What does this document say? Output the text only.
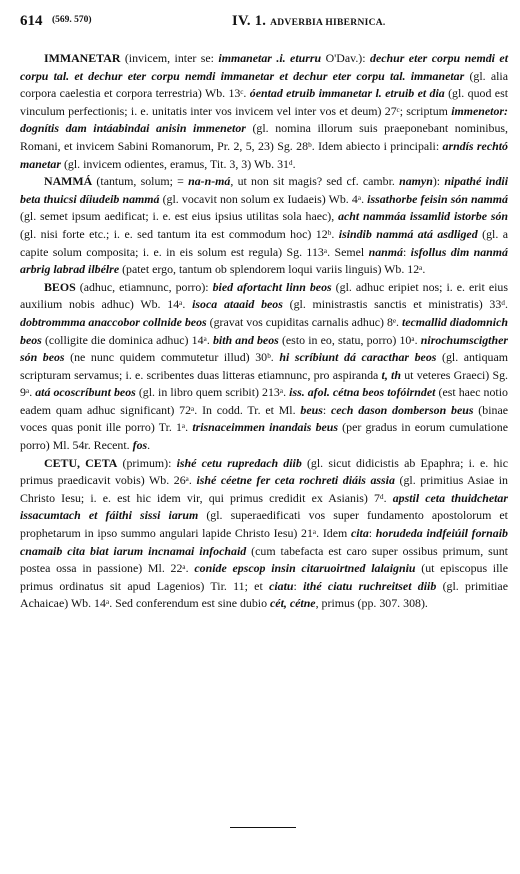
614 (569. 570)	IV. 1. ADVERBIA HIBERNICA.

IMMANETAR (invicem, inter se: immanetar .i. eturru O'Dav.): dechur eter corpu nemdi et corpu tal. et dechur eter corpu nemdi immanetar et dechur eter corpu tal. immanetar (gl. alia corpora caelestia et corpora terrestria) Wb. 13ᶜ. óentad etruib immanetar l. etruib et dia (gl. quod est vinculum perfectionis; i. e. unitatis inter vos invicem vel inter vos et deum) 27ᶜ; scriptum immenetor: dognítis dam intáabindai anisin immenetor (gl. nomina illorum suis praeponebant nominibus, Romani, et invicem Sabini Romanorum, Pr. 2, 5, 23) Sg. 28ᵇ. Idem abiecto i principali: arndís rechtó manetar (gl. invicem odientes, eramus, Tit. 3, 3) Wb. 31ᵈ.

NAMMÁ (tantum, solum; = na-n-má, ut non sit magis? sed cf. cambr. namyn): nipathé indii beta thuicsi díiudeib nammá (gl. vocavit non solum ex Iudaeis) Wb. 4ᵃ. issathorbe feisin són nammá (gl. semet ipsum aedificat; i. e. est eius ipsius utilitas sola haec), acht nammáa issamlid istorbe són (gl. nisi forte etc.; i. e. sed tantum ita est commodum hoc) 12ᵇ. isindib nammá atá asdliged (gl. a capite solum composita; i. e. in eis solum est regula) Sg. 113ᵃ. Semel nanmá: isfollus dim nanmá arbrig labrad ilbélre (patet ergo, tantum ob splendorem loqui variis linguis) Wb. 12ᵃ.

BEOS (adhuc, etiamnunc, porro): bied afortacht linn beos (gl. adhuc eripiet nos; i. e. erit eius auxilium nobis adhuc) Wb. 14ᵃ. isoca ataaid beos (gl. ministrastis sanctis et ministratis) 33ᵈ. dobtrommma anaccobor collnide beos (gravat vos cupiditas carnalis adhuc) 8ᵉ. tecmallid diadomnich beos (colligite die dominica adhuc) 14ᵃ. bith and beos (esto in eo, statu, porro) 10ᵃ. nirochumscigther són beos (ne nunc quidem commutetur illud) 30ᵇ. hi scríbiunt dá caracthar beos (gl. antiquam scripturam servamus; i. e. scribentes duas litteras etiamnunc, pro aspiranda t, th ut veteres Graeci) Sg. 9ᵃ. atá ocoscríbunt beos (gl. in libro quem scribit) 213ᵃ. iss. afol. cétna beos tofóirndet (est haec notio eadem quam adhuc significant) 72ᵃ. In codd. Tr. et Ml. beus: cech dason domberson beus (binae voces quas ponit ille porro) Tr. 1ᵃ. trisnaceimmen inandais beus (per gradus in eorum cumulatione porro) Ml. 54r. Recent. fos.

CETU, CETA (primum): ishé cetu rupredach diib (gl. sicut didicistis ab Epaphra; i. e. hic primus praedicavit vobis) Wb. 26ᵃ. ishé céetne fer ceta rochreti diáis assia (gl. primitius Asiae in Christo Iesu; i. e. est hic idem vir, qui primus credidit ex Asianis) 7ᵈ. apstil ceta thuidchetar issacumtach et fáithi sissi iarum (gl. superaedificati vos super fundamento apostolorum et prophetarum in ipso summo angulari lapide Christo Iesu) 21ᵃ. Idem cita: horudeda indfeiúil fornaib cnamaib cita biat iarum incnamai infochaid (cum tabefacta est caro super ossibus primum, sunt postea ossa in passione) Ml. 22ᵃ. conide epscop insin citaruoirtned lalaigniu (ut episcopus ille primus ordinatus sit apud Lagenios) Tir. 11; et ciatu: ithé ciatu ruchreitset diib (gl. primitiae Achaicae) Wb. 14ᵃ. Sed conferendum est sine dubio cét, cétne, primus (pp. 307. 308).
